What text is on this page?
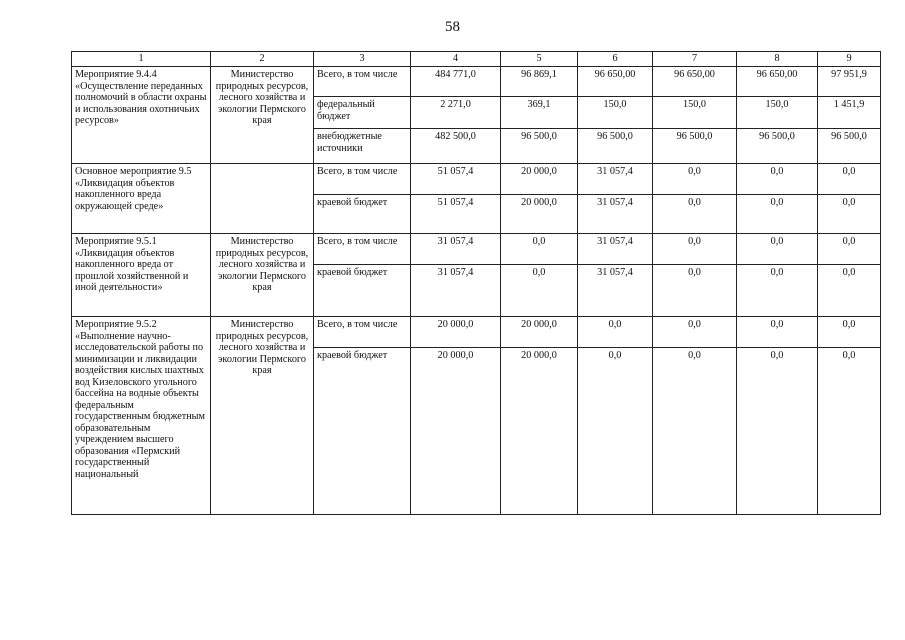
58
1	2	3	4	5	6	7	8	9
Мероприятие 9.4.4 «Осуществление переданных полномочий в области охраны и использования охотничьих ресурсов»	Министерство природных ресурсов, лесного хозяйства и экологии Пермского края	Всего, в том числе	484 771,0	96 869,1	96 650,00	96 650,00	96 650,00	97 951,9
		федеральный бюджет	2 271,0	369,1	150,0	150,0	150,0	1 451,9
		внебюджетные источники	482 500,0	96 500,0	96 500,0	96 500,0	96 500,0	96 500,0
Основное мероприятие 9.5 «Ликвидация объектов накопленного вреда окружающей среде»		Всего, в том числе	51 057,4	20 000,0	31 057,4	0,0	0,0	0,0
		краевой бюджет	51 057,4	20 000,0	31 057,4	0,0	0,0	0,0
Мероприятие 9.5.1 «Ликвидация объектов накопленного вреда от прошлой хозяйственной и иной деятельности»	Министерство природных ресурсов, лесного хозяйства и экологии Пермского края	Всего, в том числе	31 057,4	0,0	31 057,4	0,0	0,0	0,0
		краевой бюджет	31 057,4	0,0	31 057,4	0,0	0,0	0,0
Мероприятие 9.5.2 «Выполнение научно-исследовательской работы по минимизации и ликвидации воздействия кислых шахтных вод Кизеловского угольного бассейна на водные объекты федеральным государственным бюджетным образовательным учреждением высшего образования «Пермский государственный национальный	Министерство природных ресурсов, лесного хозяйства и экологии Пермского края	Всего, в том числе	20 000,0	20 000,0	0,0	0,0	0,0	0,0
		краевой бюджет	20 000,0	20 000,0	0,0	0,0	0,0	0,0
